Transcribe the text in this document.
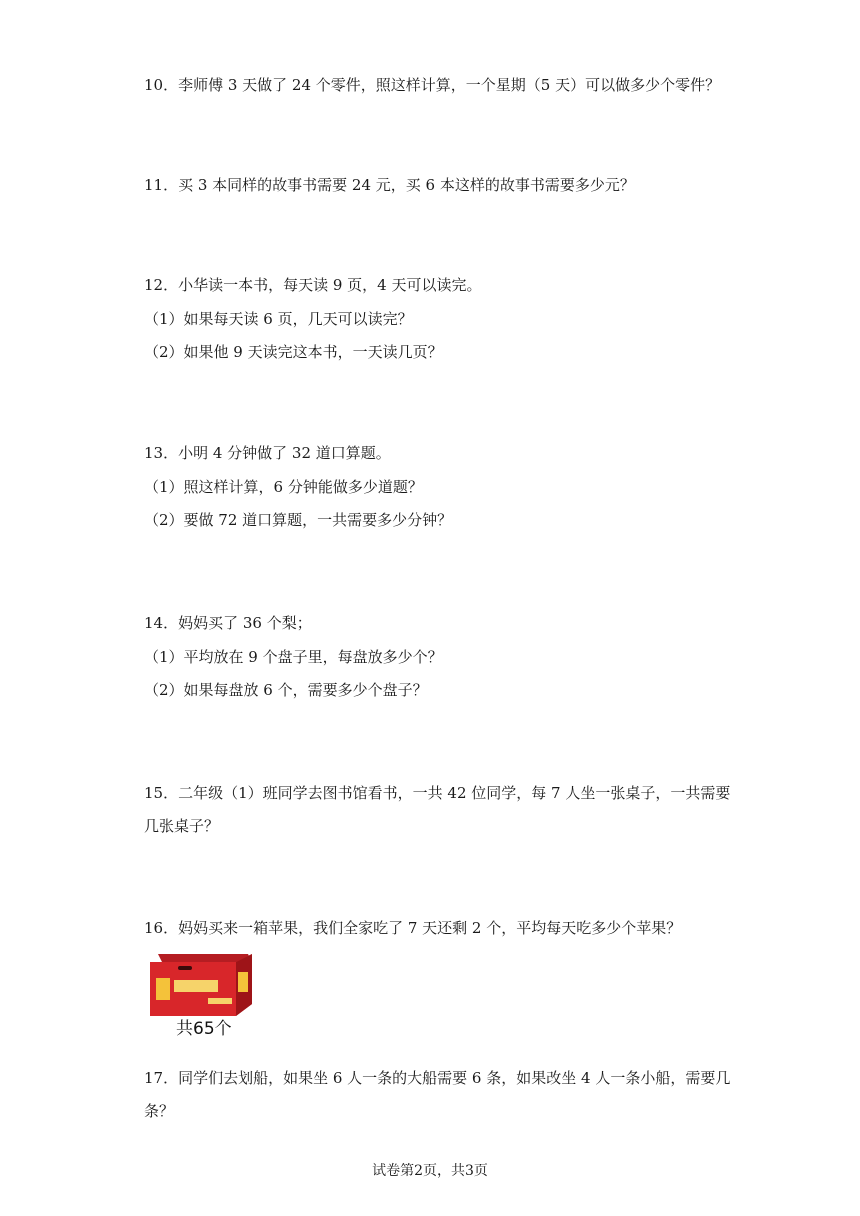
10．李师傅 3 天做了 24 个零件，照这样计算，一个星期（5 天）可以做多少个零件？
11．买 3 本同样的故事书需要 24 元，买 6 本这样的故事书需要多少元？
12．小华读一本书，每天读 9 页，4 天可以读完。
（1）如果每天读 6 页，几天可以读完？
（2）如果他 9 天读完这本书，一天读几页？
13．小明 4 分钟做了 32 道口算题。
（1）照这样计算，6 分钟能做多少道题？
（2）要做 72 道口算题，一共需要多少分钟？
14．妈妈买了 36 个梨；
（1）平均放在 9 个盘子里，每盘放多少个？
（2）如果每盘放 6 个，需要多少个盘子？
15．二年级（1）班同学去图书馆看书，一共 42 位同学，每 7 人坐一张桌子，一共需要
几张桌子？
16．妈妈买来一箱苹果，我们全家吃了 7 天还剩 2 个，平均每天吃多少个苹果？
共65个
17．同学们去划船，如果坐 6 人一条的大船需要 6 条，如果改坐 4 人一条小船，需要几
条？
试卷第2页，共3页
